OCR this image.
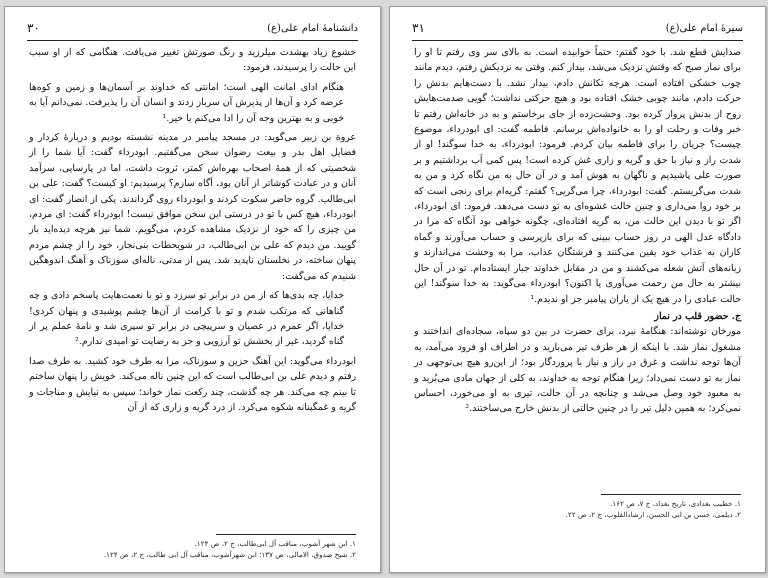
دانشنامهٔ امام علی(ع)
۳۰

خشوع زیاد بهشدت میلرزید و رنگ صورتش تغییر می‌یافت. هنگامی که از او سبب این حالت را پرسیدند، فرمود:

هنگام ادای امانت الهی است؛ امانتی که خداوند بر آسمان‌ها و زمین و کوه‌ها عرضه کرد و آن‌ها از پذیرش آن سرباز زدند و انسان آن را پذیرفت. نمی‌دانم آیا به خوبی و به بهترین وجه آن را ادا می‌کنم یا خیر.¹

عروة بن زبیر می‌گوید: در مسجد پیامبر در مدینه نشسته بودیم و دربارهٔ کردار و فضایل اهل بدر و بیعت رضوان سخن می‌گفتیم. ابودرداء گفت: آیا شما را از شخصیتی که از همهٔ اصحاب بهره‌اش کمتر، ثروت داشت، اما در پارسایی، سرآمد آنان و در عبادت کوشاتر از آنان بود، آگاه سازم؟ پرسیدیم: او کیست؟ گفت: علی بن ابی‌طالب. گروه حاضر سکوت کردند و ابودرداء روی گرداندند. یکی از انصار گفت: ای ابودرداء، هیچ کس با تو در درستی این سخن موافق نیست! ابودرداء گفت: ای مردم، من چیزی را که خود از نزدیک مشاهده کردم، می‌گویم. شما نیز هرچه دیده‌اید باز گویید. من دیدم که علی بن ابی‌طالب، در شویحطات بنی‌نجار، خود را از چشم مردم پنهان ساخته، در نخلستان ناپدید شد. پس از مدتی، ناله‌ای سوزناک و آهنگ اندوهگین شنیدم که می‌گفت:

خدایا، چه بدی‌ها که از من در برابر تو سرزد و تو با نعمت‌هایت پاسخم دادی و چه گناهانی که مرتکب شدم و تو با کرامت از آن‌ها چشم پوشیدی و پنهان کردی! خدایا، اگر عمرم در عصیان و سرپیچی در برابر تو سپری شد و نامهٔ عملم پر از گناه گردید، غیر از بخشش تو آرزویی و جز به رضایت تو امیدی ندارم.²

ابودرداء می‌گوید: این آهنگ حزین و سوزناک، مرا به طرف خود کشید. به طرف صدا رفتم و دیدم علی بن ابی‌طالب است که این چنین ناله می‌کند. خویش را پنهان ساختم تا بینم چه می‌کند. هر چه گذشت، چند رکعت نماز خواند؛ سپس به نیایش و مناجات و گریه و غمگینانه شکوه می‌کرد. از درد گریه و زاری که از آن

۱. ابن شهر آشوب، مناقب آل ابی‌طالب، ج ۲، ص ۱۲۴.

۲. شیخ صدوق، الامالی، ص ۱۳۷؛ ابن شهرآشوب، مناقب آل ابی طالب، ج ۲، ص ۱۲۴.

سیرهٔ امام علی(ع)
۳۱

صدایش قطع شد. با خود گفتم: حتماً خوابیده است. به بالای سر وی رفتم تا او را برای نماز صبح که وقتش نزدیک می‌شد، بیدار کنم. وقتی به نزدیکش رفتم، دیدم مانند چوب خشکی افتاده است. هرچه تکانش دادم، بیدار نشد. با دست‌هایم بدنش را حرکت دادم، مانند چوبی خشک افتاده بود و هیچ حرکتی نداشت؛ گویی صدمت‌هایش روح از بدنش پرواز کرده بود. وحشت‌زده از جای برخاستم و به در خانه‌اش رفتم تا خبر وفات و رحلت او را به خانواده‌اش برسانم. فاطمه گفت: ای ابودرداء، موضوع چیست؟ جریان را برای فاطمه بیان کردم. فرمود: ابودرداء، به خدا سوگند! او از شدت راز و نیاز با حق و گریه و زاری غش کرده است! پس کمی آب برداشتیم و بر صورت علی پاشیدیم و ناگهان به هوش آمد و در آن حال به من نگاه کرد و من به شدت می‌گریستم. گفت: ابودرداء، چرا می‌گریی؟ گفتم: گریه‌ام برای رنجی است که بر خود روا می‌داری و چنین حالت غشوه‌ای به تو دست می‌دهد. فرمود: ای ابودرداء، اگر تو با دیدن این حالت من، به گریه افتاده‌ای، چگونه خواهی بود آنگاه که مرا در دادگاه عدل الهی در روز حساب ببینی که برای بازپرسی و حساب می‌آورند و گماه کاران به عذاب خود یقین می‌کنند و فرشتگان عذاب، مرا به وحشت می‌اندازند و زبانه‌های آتش شعله می‌کشند و من در مقابل خداوند جبار ایستاده‌ام. تو در آن حال بیشتر به حال من رحمت می‌آوری یا اکنون؟ ابودرداء می‌گوید: به خدا سوگند! این حالت عبادی را در هیچ یک از یاران پیامبر جز او ندیدم.¹

ج. حضور قلب در نماز

مورخان نوشته‌اند: هنگامهٔ نبرد، برای حضرت در بین دو سپاه، سجاده‌ای انداختند و مشغول نماز شد. با اینکه از هر طرف تیر می‌بارید و در اطراف او فرود می‌آمد، به آن‌ها توجه نداشت و غرق در راز و نیاز با پروردگار بود؛ از این‌رو هیچ بی‌توجهی در نماز به تو دست نمی‌داد؛ زیرا هنگام توجه به خداوند، به کلی از جهان مادی می‌بُرید و به معبود خود وصل می‌شد و چنانچه در آن حالت، تیری به او می‌خورد، احساس نمی‌کرد؛ به همین دلیل تیر را در چنین حالتی از بدنش خارج می‌ساختند.²

۱. خطیب بغدادی، تاریخ بغداد، ج ۷، ص ۱۶۲.

۲. دیلمی، حسن بن ابی الحسن، ارشادالقلوب، ج ۲، ص ۲۲.
